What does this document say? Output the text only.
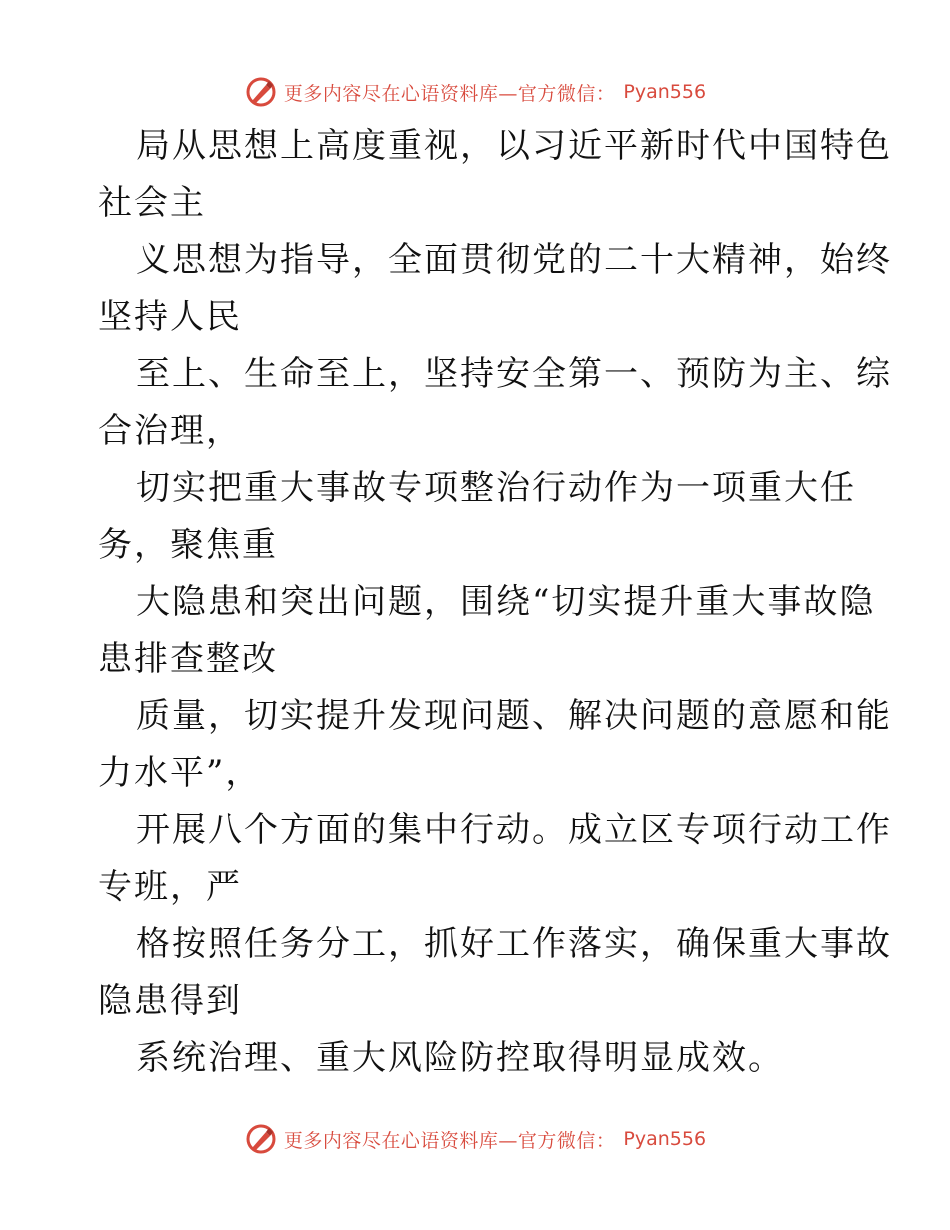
更多内容尽在心语资料库—官方微信： Pyan556

局从思想上高度重视，以习近平新时代中国特色
社会主

义思想为指导，全面贯彻党的二十大精神，始终
坚持人民

至上、生命至上，坚持安全第一、预防为主、综
合治理，

切实把重大事故专项整治行动作为一项重大任
务，聚焦重

大隐患和突出问题，围绕“切实提升重大事故隐
患排查整改

质量，切实提升发现问题、解决问题的意愿和能
力水平”，

开展八个方面的集中行动。成立区专项行动工作
专班，严

格按照任务分工，抓好工作落实，确保重大事故
隐患得到

系统治理、重大风险防控取得明显成效。

更多内容尽在心语资料库—官方微信： Pyan556
